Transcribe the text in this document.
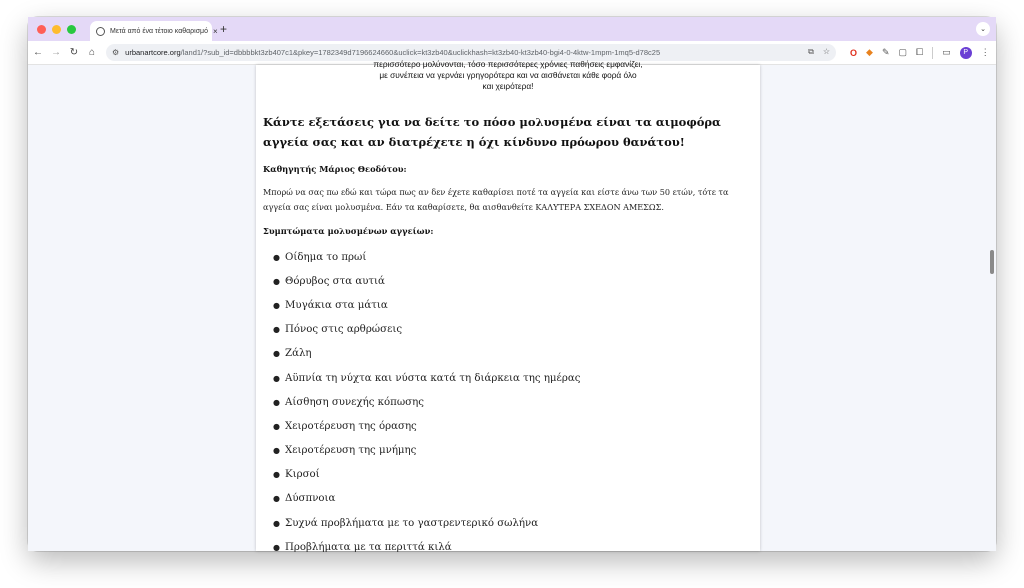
Μετά από ένα τέτοιο καθαρισμό × +	⌄
← → ↻	⌂	⚙ urbanartcore.org/land1/?sub_id=dbbbbkt3zb407c1&pkey=1782349d7196624660&uclick=kt3zb40&uclickhash=kt3zb40-kt3zb40-bgi4-0-4ktw-1mpm-1mq5-d78c25	⧉ ☆ O ◆ ✎ ▢ ⧠ ▭	P	⋮
περισσότερο μολύνονται, τόσο περισσότερες χρόνιες παθήσεις εμφανίζει,
με συνέπεια να γερνάει γρηγορότερα και να αισθάνεται κάθε φορά όλο
και χειρότερα!
Κάντε εξετάσεις για να δείτε το πόσο μολυσμένα είναι τα αιμοφόρα αγγεία σας και αν διατρέχετε η όχι κίνδυνο πρόωρου θανάτου!
Καθηγητής Μάριος Θεοδότου:

Μπορώ να σας πω εδώ και τώρα πως αν δεν έχετε καθαρίσει ποτέ τα αγγεία και είστε άνω των 50 ετών, τότε τα αγγεία σας είναι μολυσμένα. Εάν τα καθαρίσετε, θα αισθανθείτε ΚΑΛΥΤΕΡΑ ΣΧΕΔΟΝ ΑΜΕΣΩΣ.

Συμπτώματα μολυσμένων αγγείων:
● Οίδημα το πρωί
● Θόρυβος στα αυτιά
● Μυγάκια στα μάτια
● Πόνος στις αρθρώσεις
● Ζάλη
● Αϋπνία τη νύχτα και νύστα κατά τη διάρκεια της ημέρας
● Αίσθηση συνεχής κόπωσης
● Χειροτέρευση της όρασης
● Χειροτέρευση της μνήμης
● Κιρσοί
● Δύσπνοια
● Συχνά προβλήματα με το γαστρεντερικό σωλήνα
● Προβλήματα με τα περιττά κιλά
